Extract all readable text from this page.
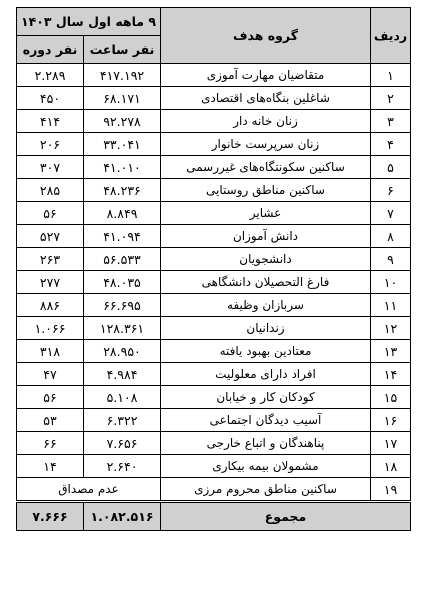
ردیف	گروه هدف	۹ ماهه اول سال ۱۴۰۳	
		نفر ساعت	نفر دوره
۱	متقاضیان مهارت آموزی	۴۱۷.۱۹۲	۲.۲۸۹
۲	شاغلین بنگاه‌های اقتصادی	۶۸.۱۷۱	۴۵۰
۳	زنان خانه دار	۹۲.۲۷۸	۴۱۴
۴	زنان سرپرست خانوار	۳۳.۰۴۱	۲۰۶
۵	ساکنین سکونتگاه‌های غیررسمی	۴۱.۰۱۰	۳۰۷
۶	ساکنین مناطق روستایی	۴۸.۲۳۶	۲۸۵
۷	عشایر	۸.۸۴۹	۵۶
۸	دانش آموزان	۴۱.۰۹۴	۵۲۷
۹	دانشجویان	۵۶.۵۳۳	۲۶۳
۱۰	فارغ التحصیلان دانشگاهی	۴۸.۰۳۵	۲۷۷
۱۱	سربازان وظیفه	۶۶.۶۹۵	۸۸۶
۱۲	زندانیان	۱۲۸.۳۶۱	۱.۰۶۶
۱۳	معتادین بهبود یافته	۲۸.۹۵۰	۳۱۸
۱۴	افراد دارای معلولیت	۴.۹۸۴	۴۷
۱۵	کودکان کار و خیابان	۵.۱۰۸	۵۶
۱۶	آسیب دیدگان اجتماعی	۶.۳۲۲	۵۳
۱۷	پناهندگان و اتباع خارجی	۷.۶۵۶	۶۶
۱۸	مشمولان بیمه بیکاری	۲.۶۴۰	۱۴
۱۹	ساکنین مناطق محروم مرزی	عدم مصداق	
مجموع		۱.۰۸۲.۵۱۶	۷.۶۶۶
